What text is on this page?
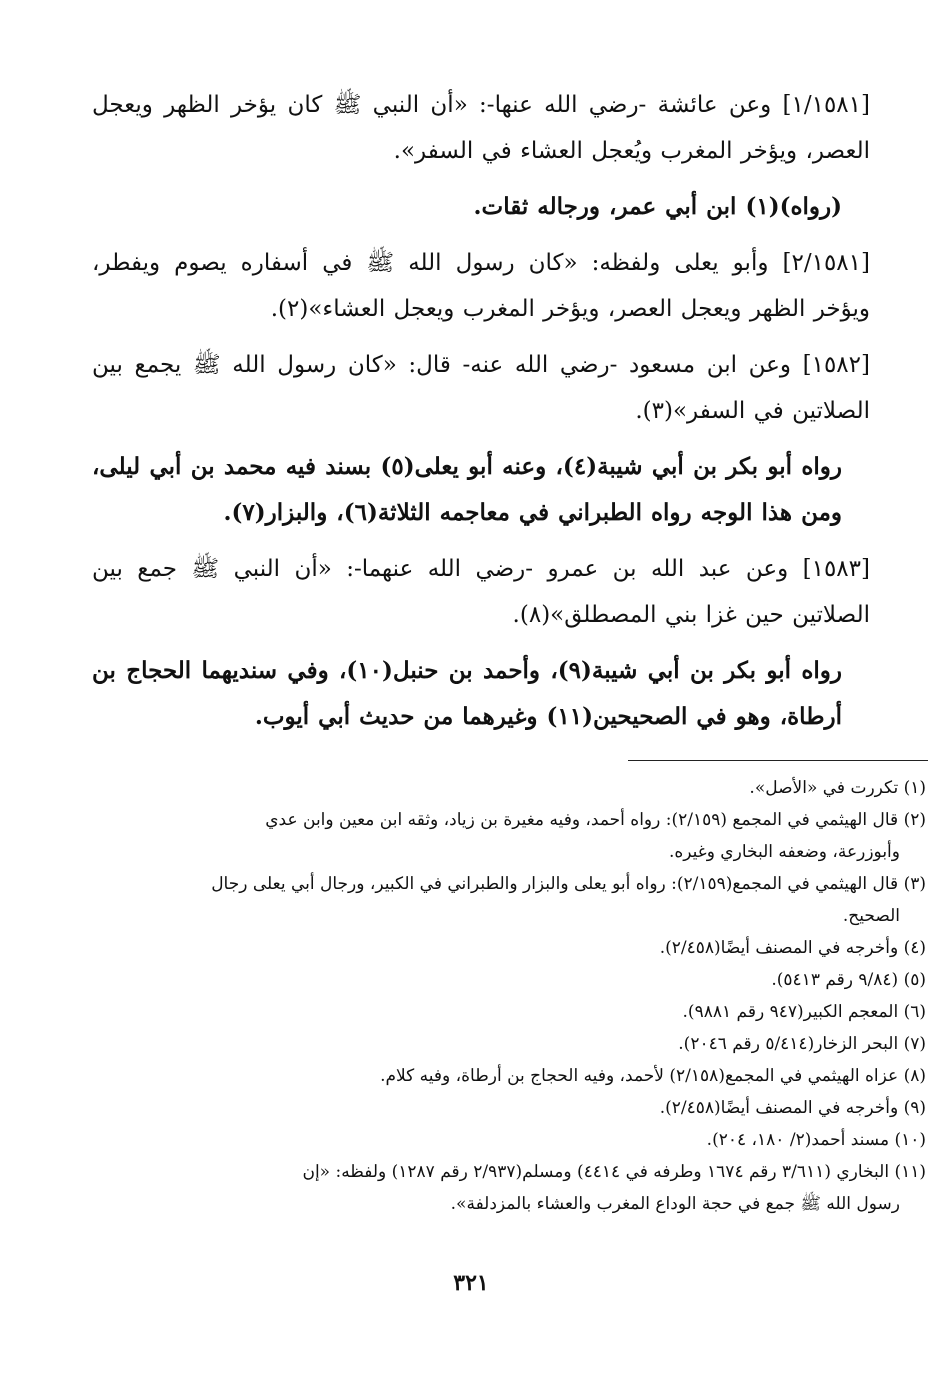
[١/١٥٨١] وعن عائشة -رضي الله عنها-: «أن النبي ﷺ كان يؤخر الظهر ويعجل العصر، ويؤخر المغرب ويُعجل العشاء في السفر».

(رواه)(١) ابن أبي عمر، ورجاله ثقات.

[٢/١٥٨١] وأبو يعلى ولفظه: «كان رسول الله ﷺ في أسفاره يصوم ويفطر، ويؤخر الظهر ويعجل العصر، ويؤخر المغرب ويعجل العشاء»(٢).

[١٥٨٢] وعن ابن مسعود -رضي الله عنه- قال: «كان رسول الله ﷺ يجمع بين الصلاتين في السفر»(٣).

رواه أبو بكر بن أبي شيبة(٤)، وعنه أبو يعلى(٥) بسند فيه محمد بن أبي ليلى، ومن هذا الوجه رواه الطبراني في معاجمه الثلاثة(٦)، والبزار(٧).

[١٥٨٣] وعن عبد الله بن عمرو -رضي الله عنهما-: «أن النبي ﷺ جمع بين الصلاتين حين غزا بني المصطلق»(٨).

رواه أبو بكر بن أبي شيبة(٩)، وأحمد بن حنبل(١٠)، وفي سنديهما الحجاج بن أرطاة، وهو في الصحيحين(١١) وغيرهما من حديث أبي أيوب.

(١) تكررت في «الأصل».

(٢) قال الهيثمي في المجمع (٢/١٥٩): رواه أحمد، وفيه مغيرة بن زياد، وثقه ابن معين وابن عدي
وأبوزرعة، وضعفه البخاري وغيره.

(٣) قال الهيثمي في المجمع(٢/١٥٩): رواه أبو يعلى والبزار والطبراني في الكبير، ورجال أبي يعلى رجال
الصحيح.

(٤) وأخرجه في المصنف أيضًا(٢/٤٥٨).

(٥) (٩/٨٤ رقم ٥٤١٣).

(٦) المعجم الكبير(٩٤٧ رقم ٩٨٨١).

(٧) البحر الزخار(٥/٤١٤ رقم ٢٠٤٦).

(٨) عزاه الهيثمي في المجمع(٢/١٥٨) لأحمد، وفيه الحجاج بن أرطاة، وفيه كلام.

(٩) وأخرجه في المصنف أيضًا(٢/٤٥٨).

(١٠) مسند أحمد(٢/ ١٨٠، ٢٠٤).

(١١) البخاري (٣/٦١١ رقم ١٦٧٤ وطرفه في ٤٤١٤) ومسلم(٢/٩٣٧ رقم ١٢٨٧) ولفظه: «إن
رسول الله ﷺ جمع في حجة الوداع المغرب والعشاء بالمزدلفة».

٣٢١
